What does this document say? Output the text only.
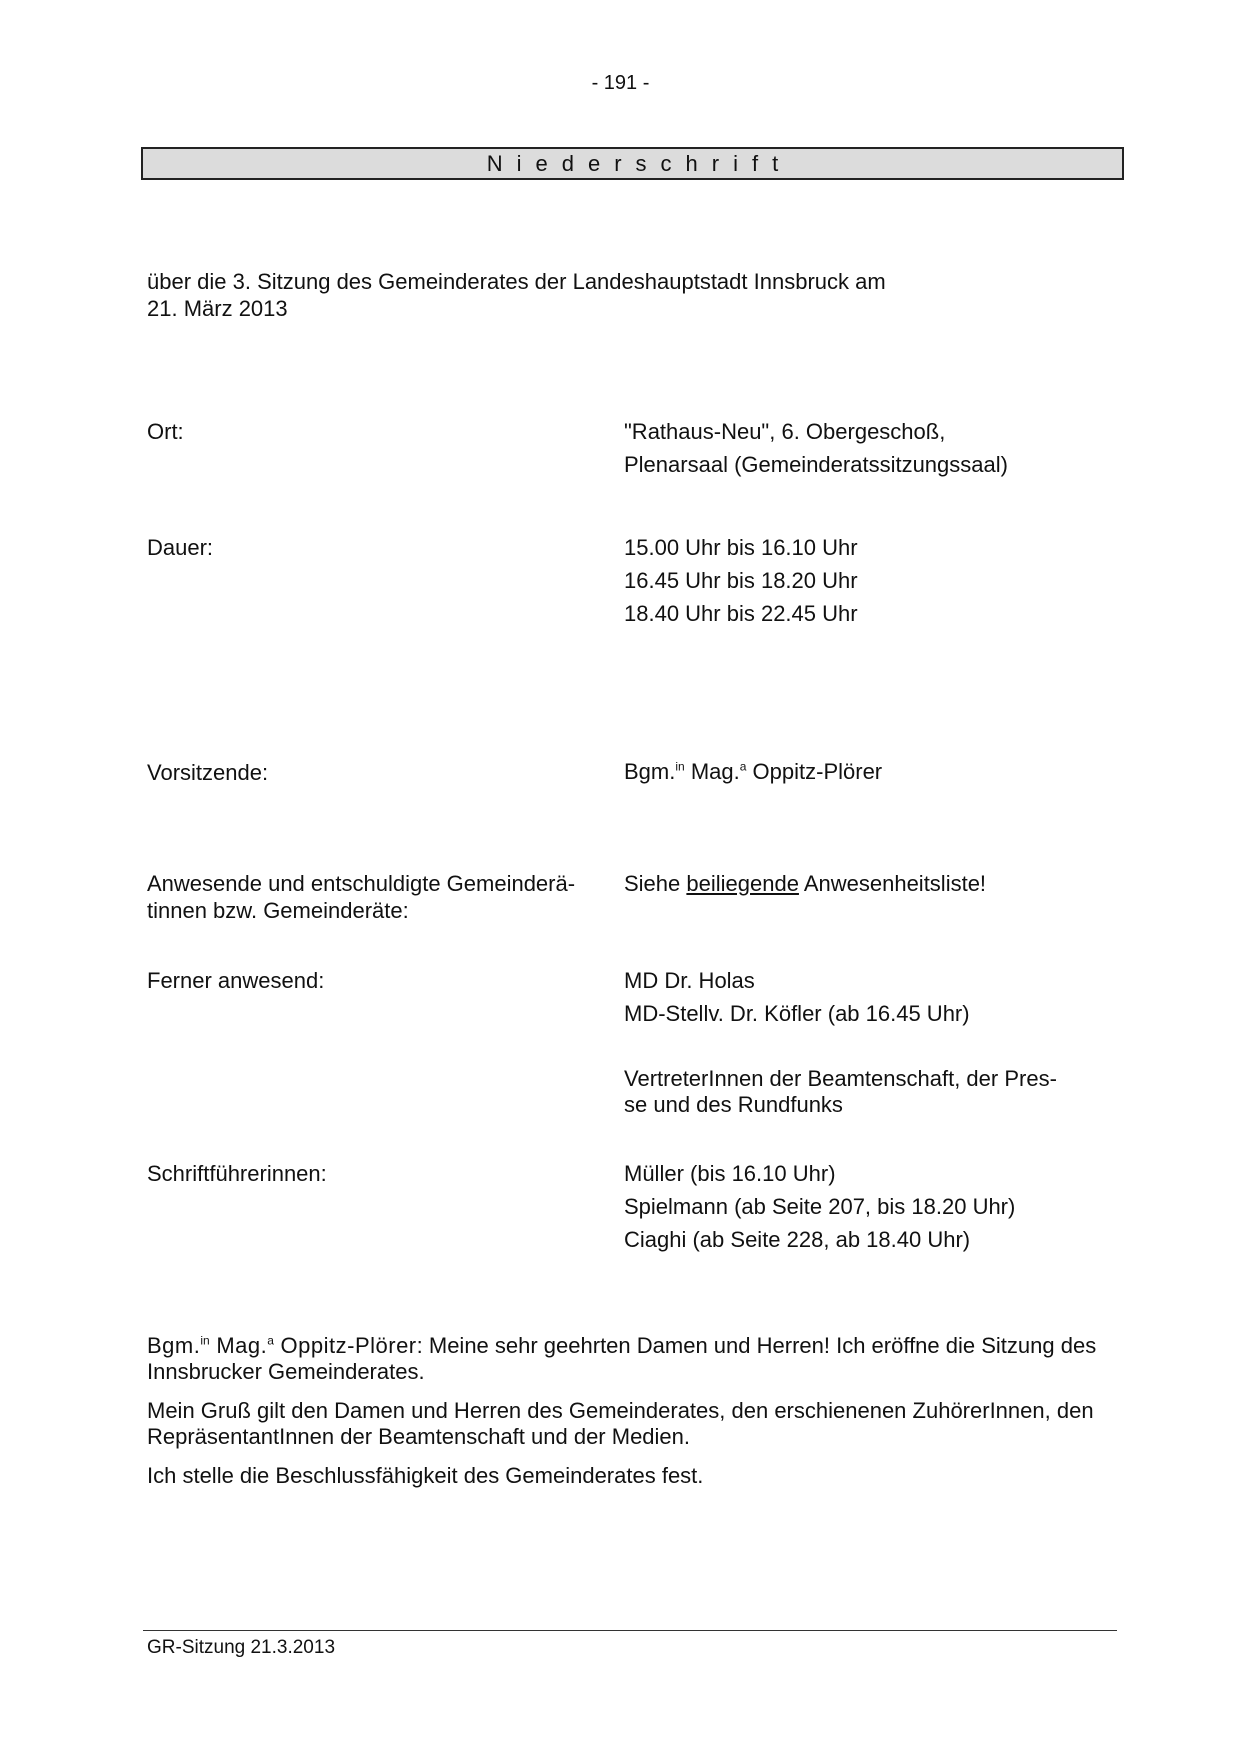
- 191 -
Niederschrift
über die 3. Sitzung des Gemeinderates der Landeshauptstadt Innsbruck am
21. März 2013
Ort:	"Rathaus-Neu", 6. Obergeschoß,
Plenarsaal (Gemeinderatssitzungssaal)
Dauer:	15.00 Uhr bis 16.10 Uhr
16.45 Uhr bis 18.20 Uhr
18.40 Uhr bis 22.45 Uhr
Vorsitzende:	Bgm.$^{in}$ Mag.$^a$ Oppitz-Plörer
Anwesende und entschuldigte Gemeinderä-
tinnen bzw. Gemeinderäte:
Siehe beiliegende Anwesenheitsliste!
Ferner anwesend:	MD Dr. Holas
MD-Stellv. Dr. Köfler (ab 16.45 Uhr)
VertreterInnen der Beamtenschaft, der Pres-
se und des Rundfunks
Schriftführerinnen:	Müller (bis 16.10 Uhr)
Spielmann (ab Seite 207, bis 18.20 Uhr)
Ciaghi (ab Seite 228, ab 18.40 Uhr)

Bgm.$^{in}$ Mag.$^a$ Oppitz-Plörer: Meine sehr geehrten Damen und Herren! Ich eröffne die Sitzung des Innsbrucker Gemeinderates.

Mein Gruß gilt den Damen und Herren des Gemeinderates, den erschienenen ZuhörerInnen, den RepräsentantInnen der Beamtenschaft und der Medien.

Ich stelle die Beschlussfähigkeit des Gemeinderates fest.

GR-Sitzung 21.3.2013
